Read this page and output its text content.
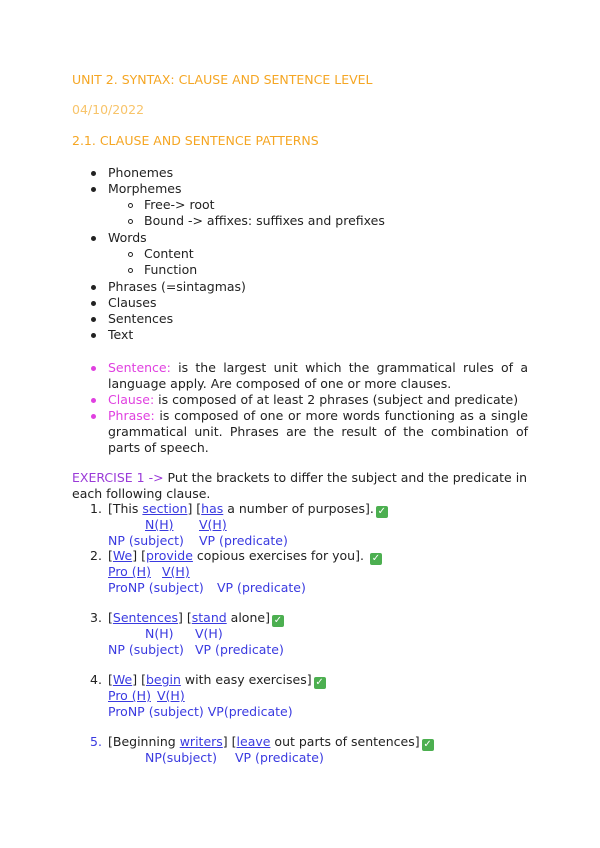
UNIT 2. SYNTAX: CLAUSE AND SENTENCE LEVEL
04/10/2022
2.1. CLAUSE AND SENTENCE PATTERNS
Phonemes
Morphemes
Free-> root
Bound -> affixes: suffixes and prefixes
Words
Content
Function
Phrases (=sintagmas)
Clauses
Sentences
Text
Sentence: is the largest unit which the grammatical rules of a language apply. Are composed of one or more clauses.
Clause: is composed of at least 2 phrases (subject and predicate)
Phrase: is composed of one or more words functioning as a single grammatical unit. Phrases are the result of the combination of parts of speech.
EXERCISE 1 -> Put the brackets to differ the subject and the predicate in each following clause.
1. [This section] [has a number of purposes]. ✓
N(H) V(H)
NP (subject) VP (predicate)
2. [We] [provide copious exercises for you]. ✓
Pro (H) V(H)
ProNP (subject) VP (predicate)
3. [Sentences] [stand alone] ✓
N(H) V(H)
NP (subject) VP (predicate)
4. [We] [begin with easy exercises] ✓
Pro (H) V(H)
ProNP (subject) VP(predicate)
5. [Beginning writers] [leave out parts of sentences] ✓
NP(subject) VP (predicate)
